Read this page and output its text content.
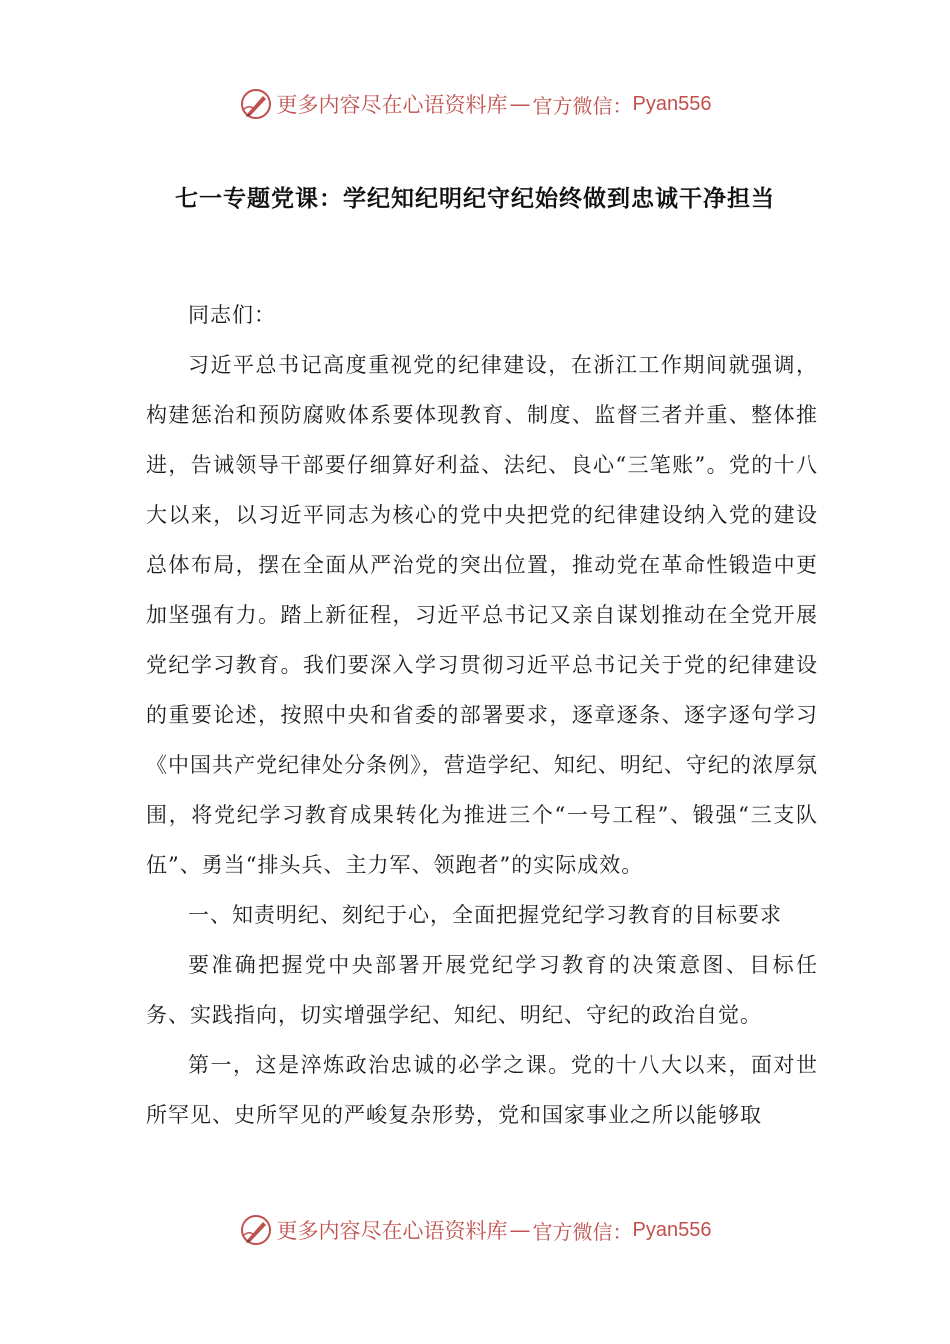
更多内容尽在心语资料库 — 官方微信： Pyan556
七一专题党课：学纪知纪明纪守纪始终做到忠诚干净担当

同志们：

习近平总书记高度重视党的纪律建设，在浙江工作期间就强调，构建惩治和预防腐败体系要体现教育、制度、监督三者并重、整体推进，告诫领导干部要仔细算好利益、法纪、良心“三笔账”。党的十八大以来，以习近平同志为核心的党中央把党的纪律建设纳入党的建设总体布局，摆在全面从严治党的突出位置，推动党在革命性锻造中更加坚强有力。踏上新征程，习近平总书记又亲自谋划推动在全党开展党纪学习教育。我们要深入学习贯彻习近平总书记关于党的纪律建设的重要论述，按照中央和省委的部署要求，逐章逐条、逐字逐句学习《中国共产党纪律处分条例》，营造学纪、知纪、明纪、守纪的浓厚氛围，将党纪学习教育成果转化为推进三个“一号工程”、锻强“三支队伍”、勇当“排头兵、主力军、领跑者”的实际成效。

一、知责明纪、刻纪于心，全面把握党纪学习教育的目标要求

要准确把握党中央部署开展党纪学习教育的决策意图、目标任务、实践指向，切实增强学纪、知纪、明纪、守纪的政治自觉。

第一，这是淬炼政治忠诚的必学之课。党的十八大以来，面对世所罕见、史所罕见的严峻复杂形势，党和国家事业之所以能够取

更多内容尽在心语资料库 — 官方微信： Pyan556
